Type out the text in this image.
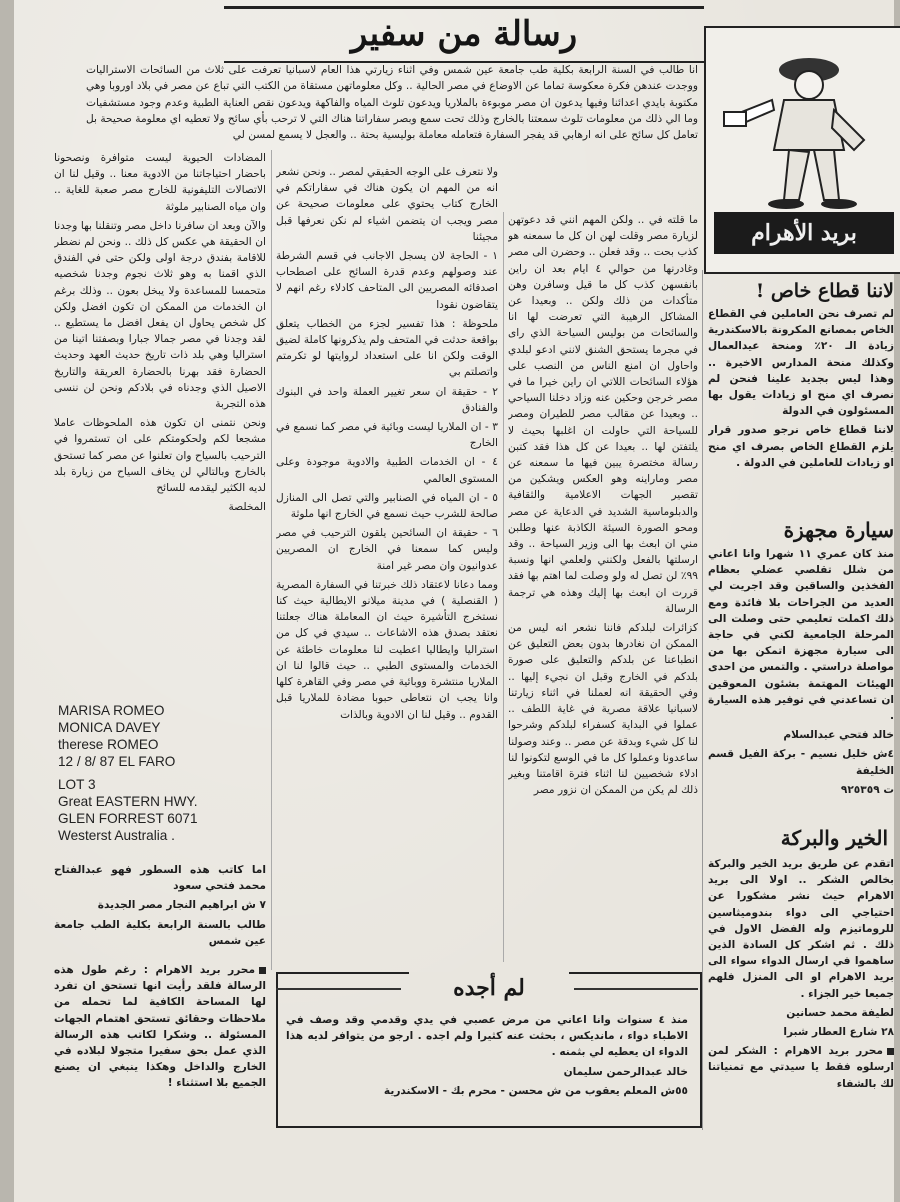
رسالة من سفير
انا طالب في السنة الرابعة بكلية طب جامعة عين شمس وفي اثناء زيارتي هذا العام لاسبانيا تعرفت على ثلاث من السائحات الاستراليات ووجدت عندهن فكرة معكوسة تماما عن الاوضاع في مصر الحالية .. وكل معلوماتهن مستقاة من الكتب التي تباع عن مصر في بلاد اوروبا وهي مكتوبة بايدي اعدائنا وفيها يدعون ان مصر موبوءة بالملاريا ويدعون تلوث المياه والفاكهة ويدعون نقص العناية الطبية وعدم وجود مستشفيات وما الي ذلك من معلومات تلوث سمعتنا بالخارج وذلك تحت سمع وبصر سفاراتنا هناك التي لا ترحب بأي سائح ولا تعطيه اي معلومة صحيحة بل تعامل كل سائح على انه ارهابي قد يفجر السفارة فتعامله معاملة بوليسية بحتة .. والعجل لا يسمع لمسن لي

ما قلته في .. ولكن المهم انني قد دعوتهن لزيارة مصر وقلت لهن ان كل ما سمعنه هو كذب بحت .. وقد فعلن .. وحضرن الى مصر وغادرنها من حوالي ٤ ايام بعد ان راين بانفسهن كذب كل ما قيل وسافرن وهن متأكدات من ذلك ولكن .. وبعيدا عن المشاكل الرهيبة التي تعرضت لها انا والسائحات من بوليس السياحة الذي راى في مجرما يستحق الشنق لانني ادعو لبلدي واحاول ان امنع الناس من النصب على هؤلاء السائحات اللاتي ان راين خيرا ما في مصر خرجن وحكين عنه وزاد دخلنا السياحي .. وبعيدا عن مقالب مصر للطيران ومصر للسياحة التي حاولت ان اغلبها بحيث لا يلتفتن لها .. بعيدا عن كل هذا فقد كتبن رسالة مختصرة يبين فيها ما سمعنه عن مصر وماراينه وهو العكس ويشكين من تقصير الجهات الاعلامية والثقافية والدبلوماسية الشديد في الدعاية عن مصر ومحو الصورة السيئة الكاذبة عنها وطلبن مني ان ابعث بها الى وزير السياحة .. وقد ارسلتها بالفعل ولكنني ولعلمي انها ونسبة ٩٩٪ لن تصل له ولو وصلت لما اهتم بها فقد قررت ان ابعث بها إليك وهذه هي ترجمة الرسالة

كزائرات لبلدكم فاننا نشعر انه ليس من الممكن ان نغادرها بدون بعض التعليق عن انطباعنا عن بلدكم والتعليق على صورة بلدكم في الخارج وقبل ان نجيء إليها .. وفي الحقيقة انه لعملنا في اثناء زيارتنا لاسبانيا علاقة مصرية في غاية اللطف .. عملوا في البداية كسفراء لبلدكم وشرحوا لنا كل شيء وبدقة عن مصر .. وعند وصولنا ساعدونا وعملوا كل ما في الوسع لتكونوا لنا ادلاء شخصيين لنا اثناء فترة اقامتنا وبغير ذلك لم يكن من الممكن ان نزور مصر

ولا نتعرف على الوجه الحقيقي لمصر .. ونحن نشعر انه من المهم ان يكون هناك في سفاراتكم في الخارج كتاب يحتوي على معلومات صحيحة عن مصر ويجب ان يتضمن اشياء لم نكن نعرفها قبل مجيئنا

١ - الحاجة لان يسجل الاجانب في قسم الشرطة عند وصولهم وعدم قدرة السائح على اصطحاب اصدقائه المصريين الى المتاحف كادلاء رغم انهم لا يتقاضون نقودا

ملحوظة : هذا تفسير لجزء من الخطاب يتعلق بواقعة حدثت في المتحف ولم يذكرونها كاملة لضيق الوقت ولكن انا على استعداد لروايتها لو تكرمتم واتصلتم بي

٢ - حقيقة ان سعر تغيير العملة واحد في البنوك والفنادق

٣ - ان الملاريا ليست وبائية في مصر كما نسمع في الخارج

٤ - ان الخدمات الطبية والادوية موجودة وعلى المستوى العالمي

٥ - ان المياه في الصنابير والتي تصل الى المنازل صالحة للشرب حيث نسمع في الخارج انها ملوثة

٦ - حقيقة ان السائحين يلقون الترحيب في مصر وليس كما سمعنا في الخارج ان المصريين عدوانيون وان مصر غير امنة

ومما دعانا لاعتقاد ذلك خبرتنا في السفارة المصرية ( القنصلية ) في مدينة ميلانو الايطالية حيث كنا نستخرج التأشيرة حيث ان المعاملة هناك جعلتنا نعتقد بصدق هذه الاشاعات .. سيدي في كل من استراليا وايطاليا اعطيت لنا معلومات خاطئة عن الخدمات والمستوى الطبي .. حيث قالوا لنا ان الملاريا منتشرة ووبائية في مصر وفي القاهرة كلها وانا يجب ان نتعاطى حبوبا مضادة للملاريا قبل القدوم .. وقيل لنا ان الادوية وبالذات

المضادات الحيوية ليست متوافرة ونصحونا باحضار احتياجاتنا من الادوية معنا .. وقيل لنا ان الاتصالات التليفونية للخارج مصر صعبة للغاية .. وان مياه الصنابير ملوثة

والآن وبعد ان سافرنا داخل مصر وتنقلنا بها وجدنا ان الحقيقة هي عكس كل ذلك .. ونحن لم نضطر للاقامة بفندق درجة اولى ولكن حتى في الفندق الذي اقمنا به وهو ثلاث نجوم وجدنا شخصيه متحمسا للمساعدة ولا يبخل بعون .. وذلك برغم ان الخدمات من الممكن ان تكون افضل ولكن كل شخص يحاول ان يفعل افضل ما يستطيع .. لقد وجدنا في مصر جمالا جبارا وبصفتنا اتينا من استراليا وهي بلد ذات تاريخ حديث العهد وحديث الحضارة فقد بهرنا بالحضارة العريقة والتاريخ الاصيل الذي وجدناه في بلادكم ونحن لن ننسى هذه التجربة

ونحن نتمنى ان تكون هذه الملحوظات عاملا مشجعا لكم ولحكومتكم على ان تستمروا في الترحيب بالسياح وان تعلنوا عن مصر كما تستحق بالخارج وبالتالي لن يخاف السياح من زيارة بلد لديه الكثير ليقدمه للسائح

المخلصة

MARISA ROMEO
MONICA DAVEY
therese ROMEO
12 / 8/ 87 EL FARO
LOT 3
Great EASTERN HWY.
GLEN FORREST 6071
Westerst Australia .

اما كاتب هذه السطور فهو عبدالفتاح محمد فتحي سعود

٧ ش ابراهيم النجار مصر الجديدة

طالب بالسنة الرابعة بكلية الطب جامعة عين شمس

محرر بريد الاهرام : رغم طول هذه الرسالة فلقد رأيت انها تستحق ان تفرد لها المساحة الكافية لما تحمله من ملاحظات وحقائق تستحق اهتمام الجهات المسئولة .. وشكرا لكاتب هذه الرسالة الذي عمل بحق سفيرا متجولا لبلاده في الخارج والداخل وهكذا ينبغي ان يصنع الجميع بلا استثناء !
لم أجده

منذ ٤ سنوات وانا اعاني من مرض عصبي في يدي وقدمي وقد وصف في الاطباء دواء ، مانديكس ، بحثت عنه كثيرا ولم اجده . ارجو من يتوافر لديه هذا الدواء ان يعطيه لي بثمنه .

خالد عبدالرحمن سليمان

٥٥ش المعلم يعقوب من ش محسن - محرم بك - الاسكندرية

بريد الأهرام
لاننا قطاع خاص !

لم تصرف نحن العاملين في القطاع الخاص بمصانع المكرونة بالاسكندرية زيادة الـ ٢٠٪ ومنحة عيدالعمال وكذلك منحة المدارس الاخيرة .. وهذا ليس بجديد علينا فنحن لم نصرف اي منح او زيادات يقول بها المسئولون في الدولة

لاننا قطاع خاص نرجو صدور قرار يلزم القطاع الخاص بصرف اي منح او زيادات للعاملين في الدولة .

سيارة مجهزة

منذ كان عمري ١١ شهرا وانا اعاني من شلل تقلصي عضلي بعظام الفخذين والساقين وقد اجريت لي العديد من الجراحات بلا فائدة ومع ذلك اكملت تعليمي حتى وصلت الى المرحلة الجامعية لكني في حاجة الى سيارة مجهزة اتمكن بها من مواصلة دراستي . والتمس من احدى الهيئات المهتمة بشئون المعوقين ان تساعدني في توفير هذه السيارة .

خالد فتحي عبدالسلام

٤ش خليل نسيم - بركة الفيل قسم الخليفة

ت ٩٢٥٣٥٩

الخير والبركة

اتقدم عن طريق بريد الخير والبركة بخالص الشكر .. اولا الى بريد الاهرام حيث نشر مشكورا عن احتياجي الى دواء بندوميثاسين للروماتيزم وله الفضل الاول في ذلك . ثم اشكر كل السادة الذين ساهموا في ارسال الدواء سواء الى بريد الاهرام او الى المنزل فلهم جميعا خير الجزاء .

لطيفة محمد حسانين

٢٨ شارع العطار شبرا

محرر بريد الاهرام : الشكر لمن ارسلوه فقط يا سيدتي مع تمنياتنا لك بالشفاء
